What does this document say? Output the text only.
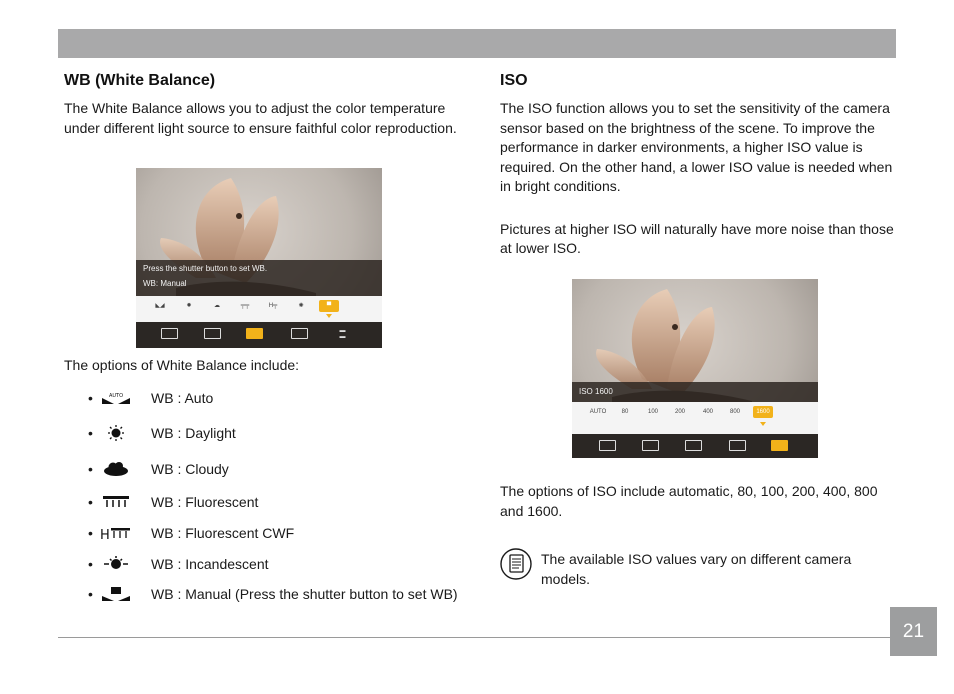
WB (White Balance)

The White Balance allows you to adjust the color temperature under different light source to ensure faithful color reproduction.

Press the shutter button to set WB.
WB: Manual
◣◢	✹	☁	╤╤	H╤	✺	▀
▬
▬

The options of White Balance include:

•	AUTO WB : Auto
•	WB : Daylight
•	WB : Cloudy
•	WB : Fluorescent
• H	WB : Fluorescent CWF
•	WB : Incandescent
•	WB : Manual (Press the shutter button to set WB)
ISO

The ISO function allows you to set the sensitivity of the camera sensor based on the brightness of the scene. To improve the performance in darker environments, a higher ISO value is required. On the other hand, a lower ISO value is needed when in bright conditions.

Pictures at higher ISO will naturally have more noise than those at lower ISO.

ISO 1600
AUTO	80	100	200	400	800	1600

The options of ISO include automatic, 80, 100, 200, 400, 800 and 1600.

The available ISO values vary on different camera models.
21
